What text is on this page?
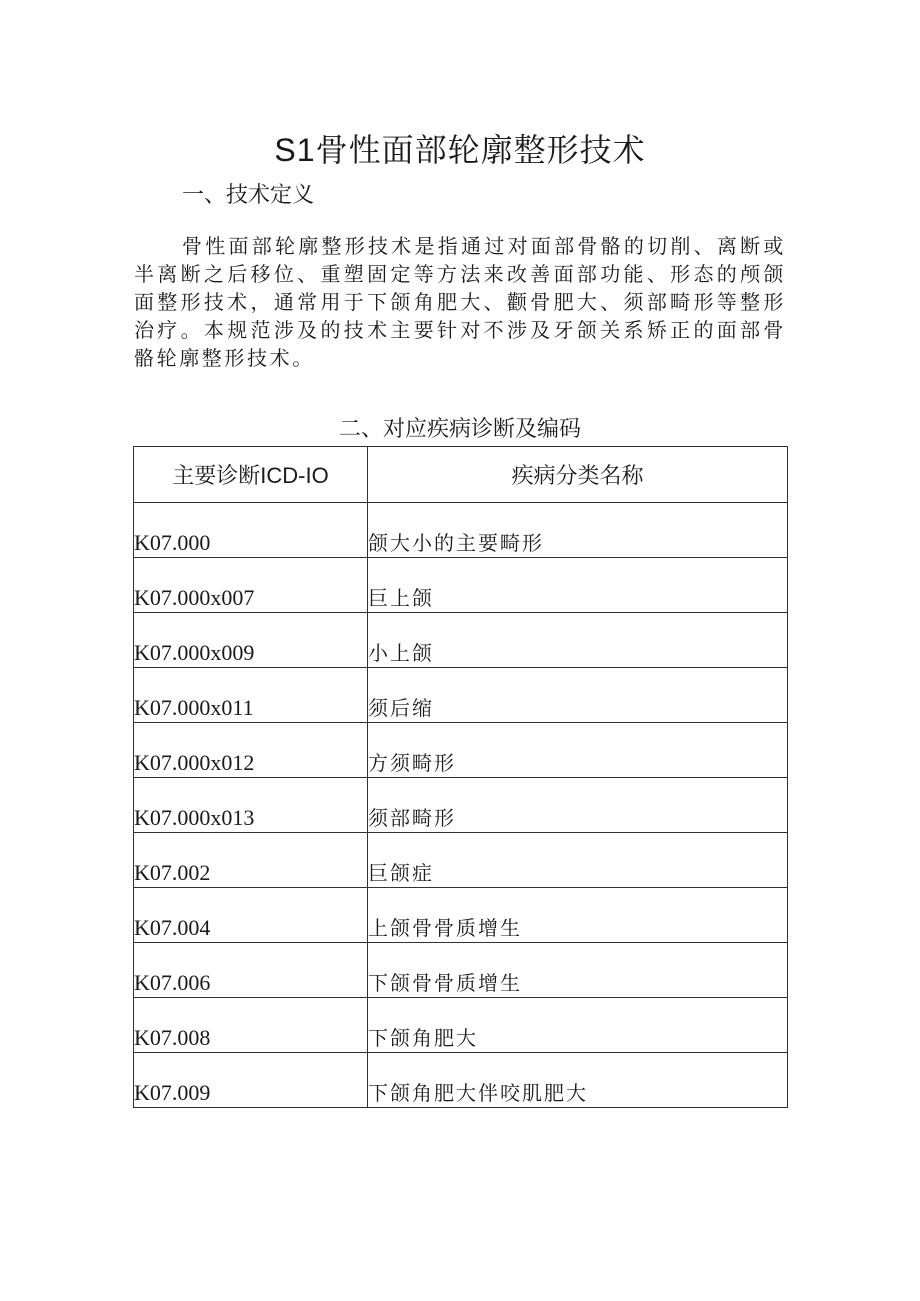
S1骨性面部轮廓整形技术
一、技术定义

骨性面部轮廓整形技术是指通过对面部骨骼的切削、离断或半离断之后移位、重塑固定等方法来改善面部功能、形态的颅颌面整形技术，通常用于下颌角肥大、颧骨肥大、须部畸形等整形治疗。本规范涉及的技术主要针对不涉及牙颌关系矫正的面部骨骼轮廓整形技术。

二、对应疾病诊断及编码
主要诊断ICD-IO	疾病分类名称
K07.000	颌大小的主要畸形
K07.000x007	巨上颌
K07.000x009	小上颌
K07.000x011	须后缩
K07.000x012	方须畸形
K07.000x013	须部畸形
K07.002	巨颌症
K07.004	上颌骨骨质增生
K07.006	下颌骨骨质增生
K07.008	下颌角肥大
K07.009	下颌角肥大伴咬肌肥大
